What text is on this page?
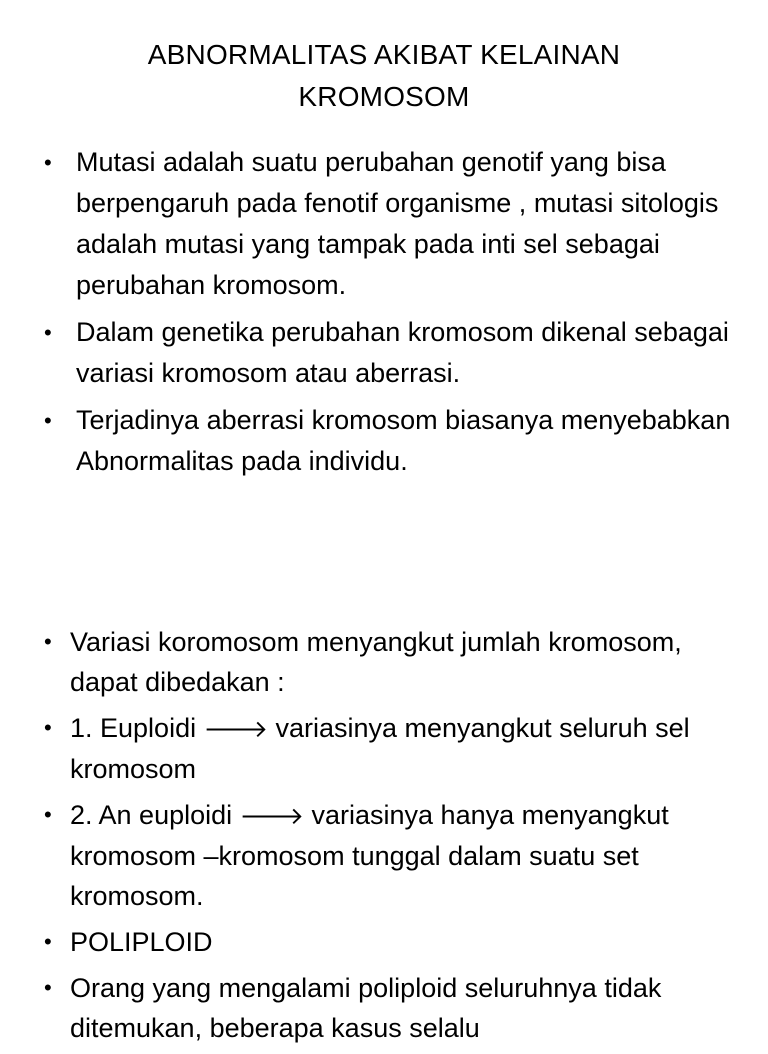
ABNORMALITAS AKIBAT KELAINAN
KROMOSOM
• Mutasi adalah suatu perubahan genotif yang bisa berpengaruh pada fenotif organisme , mutasi sitologis adalah mutasi yang tampak pada inti sel sebagai perubahan kromosom.
• Dalam genetika perubahan kromosom dikenal sebagai variasi kromosom atau aberrasi.
• Terjadinya aberrasi kromosom biasanya menyebabkan Abnormalitas pada individu.
• Variasi koromosom menyangkut jumlah kromosom, dapat dibedakan :
• 1. Euploidi 🡒 variasinya menyangkut seluruh sel kromosom
• 2. An euploidi 🡒 variasinya hanya menyangkut kromosom –kromosom tunggal dalam suatu set kromosom.
• POLIPLOID
• Orang yang mengalami poliploid seluruhnya tidak ditemukan, beberapa kasus selalu
